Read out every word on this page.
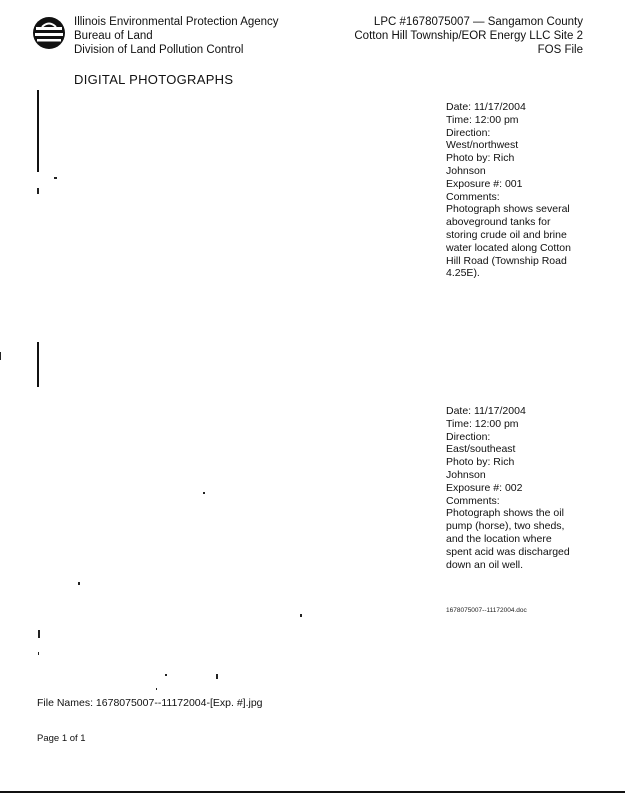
Illinois Environmental Protection Agency
Bureau of Land
Division of Land Pollution Control
LPC #1678075007 — Sangamon County
Cotton Hill Township/EOR Energy LLC Site 2
FOS File
DIGITAL PHOTOGRAPHS
Date: 11/17/2004
Time: 12:00 pm
Direction:
West/northwest
Photo by: Rich
Johnson
Exposure #: 001
Comments:
Photograph shows several aboveground tanks for storing crude oil and brine water located along Cotton Hill Road (Township Road 4.25E).
Date: 11/17/2004
Time: 12:00 pm
Direction:
East/southeast
Photo by: Rich
Johnson
Exposure #: 002
Comments:
Photograph shows the oil pump (horse), two sheds, and the location where spent acid was discharged down an oil well.
1678075007--11172004.doc
File Names: 1678075007--11172004-[Exp. #].jpg
Page 1 of 1
